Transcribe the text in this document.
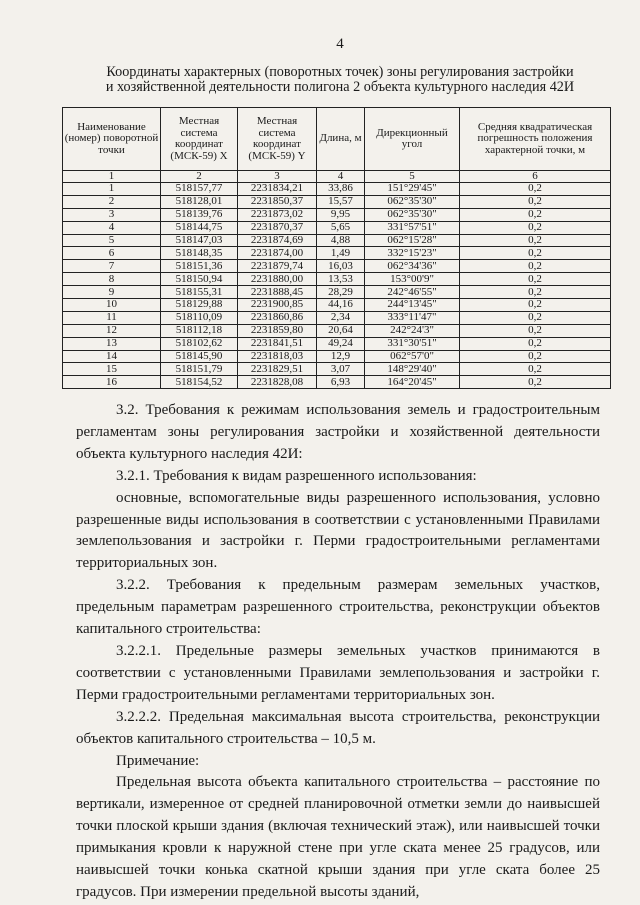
4
Координаты характерных (поворотных точек) зоны регулирования застройки
и хозяйственной деятельности полигона 2 объекта культурного наследия 42И
Наименование (номер) поворотной точки	Местная система координат (МСК-59) X	Местная система координат (МСК-59) Y	Длина, м	Дирекционный угол	Средняя квадратическая погрешность положения характерной точки, м
1	2	3	4	5	6
1	518157,77	2231834,21	33,86	151°29'45"	0,2
2	518128,01	2231850,37	15,57	062°35'30"	0,2
3	518139,76	2231873,02	9,95	062°35'30"	0,2
4	518144,75	2231870,37	5,65	331°57'51"	0,2
5	518147,03	2231874,69	4,88	062°15'28"	0,2
6	518148,35	2231874,00	1,49	332°15'23"	0,2
7	518151,36	2231879,74	16,03	062°34'36"	0,2
8	518150,94	2231880,00	13,53	153°00'9"	0,2
9	518155,31	2231888,45	28,29	242°46'55"	0,2
10	518129,88	2231900,85	44,16	244°13'45"	0,2
11	518110,09	2231860,86	2,34	333°11'47"	0,2
12	518112,18	2231859,80	20,64	242°24'3"	0,2
13	518102,62	2231841,51	49,24	331°30'51"	0,2
14	518145,90	2231818,03	12,9	062°57'0"	0,2
15	518151,79	2231829,51	3,07	148°29'40"	0,2
16	518154,52	2231828,08	6,93	164°20'45"	0,2

3.2. Требования к режимам использования земель и градостроительным регламентам зоны регулирования застройки и хозяйственной деятельности объекта культурного наследия 42И:

3.2.1. Требования к видам разрешенного использования:

основные, вспомогательные виды разрешенного использования, условно разрешенные виды использования в соответствии с установленными Правилами землепользования и застройки г. Перми градостроительными регламентами территориальных зон.

3.2.2. Требования к предельным размерам земельных участков, предельным параметрам разрешенного строительства, реконструкции объектов капитального строительства:

3.2.2.1. Предельные размеры земельных участков принимаются в соответствии с установленными Правилами землепользования и застройки г. Перми градостроительными регламентами территориальных зон.

3.2.2.2. Предельная максимальная высота строительства, реконструкции объектов капитального строительства – 10,5 м.

Примечание:

Предельная высота объекта капитального строительства – расстояние по вертикали, измеренное от средней планировочной отметки земли до наивысшей точки плоской крыши здания (включая технический этаж), или наивысшей точки примыкания кровли к наружной стене при угле ската менее 25 градусов, или наивысшей точки конька скатной крыши здания при угле ската более 25 градусов. При измерении предельной высоты зданий,
